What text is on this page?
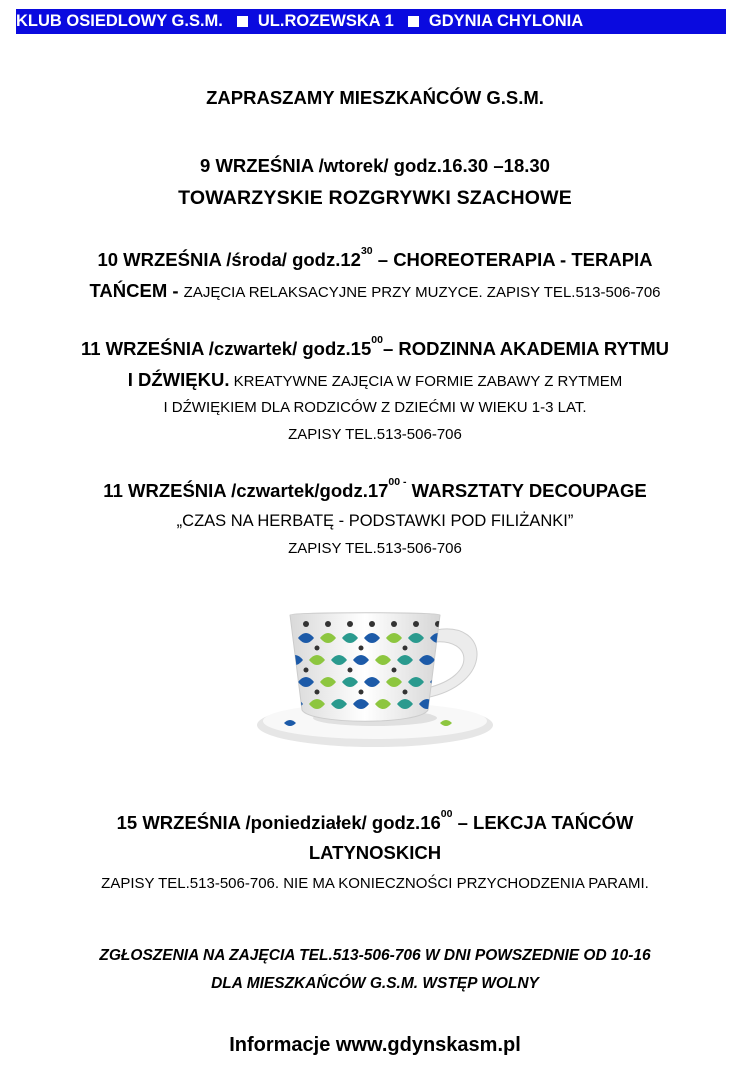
KLUB OSIEDLOWY G.S.M. UL.ROZEWSKA 1 GDYNIA CHYLONIA
ZAPRASZAMY MIESZKAŃCÓW G.S.M.
9 WRZEŚNIA /wtorek/ godz.16.30 –18.30
TOWARZYSKIE ROZGRYWKI SZACHOWE
10 WRZEŚNIA /środa/ $godz.12^{30}$ – CHOREOTERAPIA - TERAPIA
TAŃCEM - ZAJĘCIA RELAKSACYJNE PRZY MUZYCE. ZAPISY TEL.513-506-706
11 WRZEŚNIA /czwartek/ $godz.15^{00}-$ RODZINNA AKADEMIA RYTMU
I DŹWIĘKU. KREATYWNE ZAJĘCIA W FORMIE ZABAWY Z RYTMEM
I DŹWIĘKIEM DLA RODZICÓW Z DZIEĆMI W WIEKU 1-3 LAT.
ZAPISY TEL.513-506-706
11 WRZEŚNIA $/czwartek/godz.17^{00 -}$ WARSZTATY DECOUPAGE
„CZAS NA HERBATĘ - PODSTAWKI POD FILIŻANKI”
ZAPISY TEL.513-506-706
15 WRZEŚNIA /poniedziałek/ $godz.16^{00}$ – LEKCJA TAŃCÓW
LATYNOSKICH
ZAPISY TEL.513-506-706. NIE MA KONIECZNOŚCI PRZYCHODZENIA PARAMI.
ZGŁOSZENIA NA ZAJĘCIA TEL.513-506-706 W DNI POWSZEDNIE OD 10-16
DLA MIESZKAŃCÓW G.S.M. WSTĘP WOLNY
Informacje www.gdynskasm.pl
